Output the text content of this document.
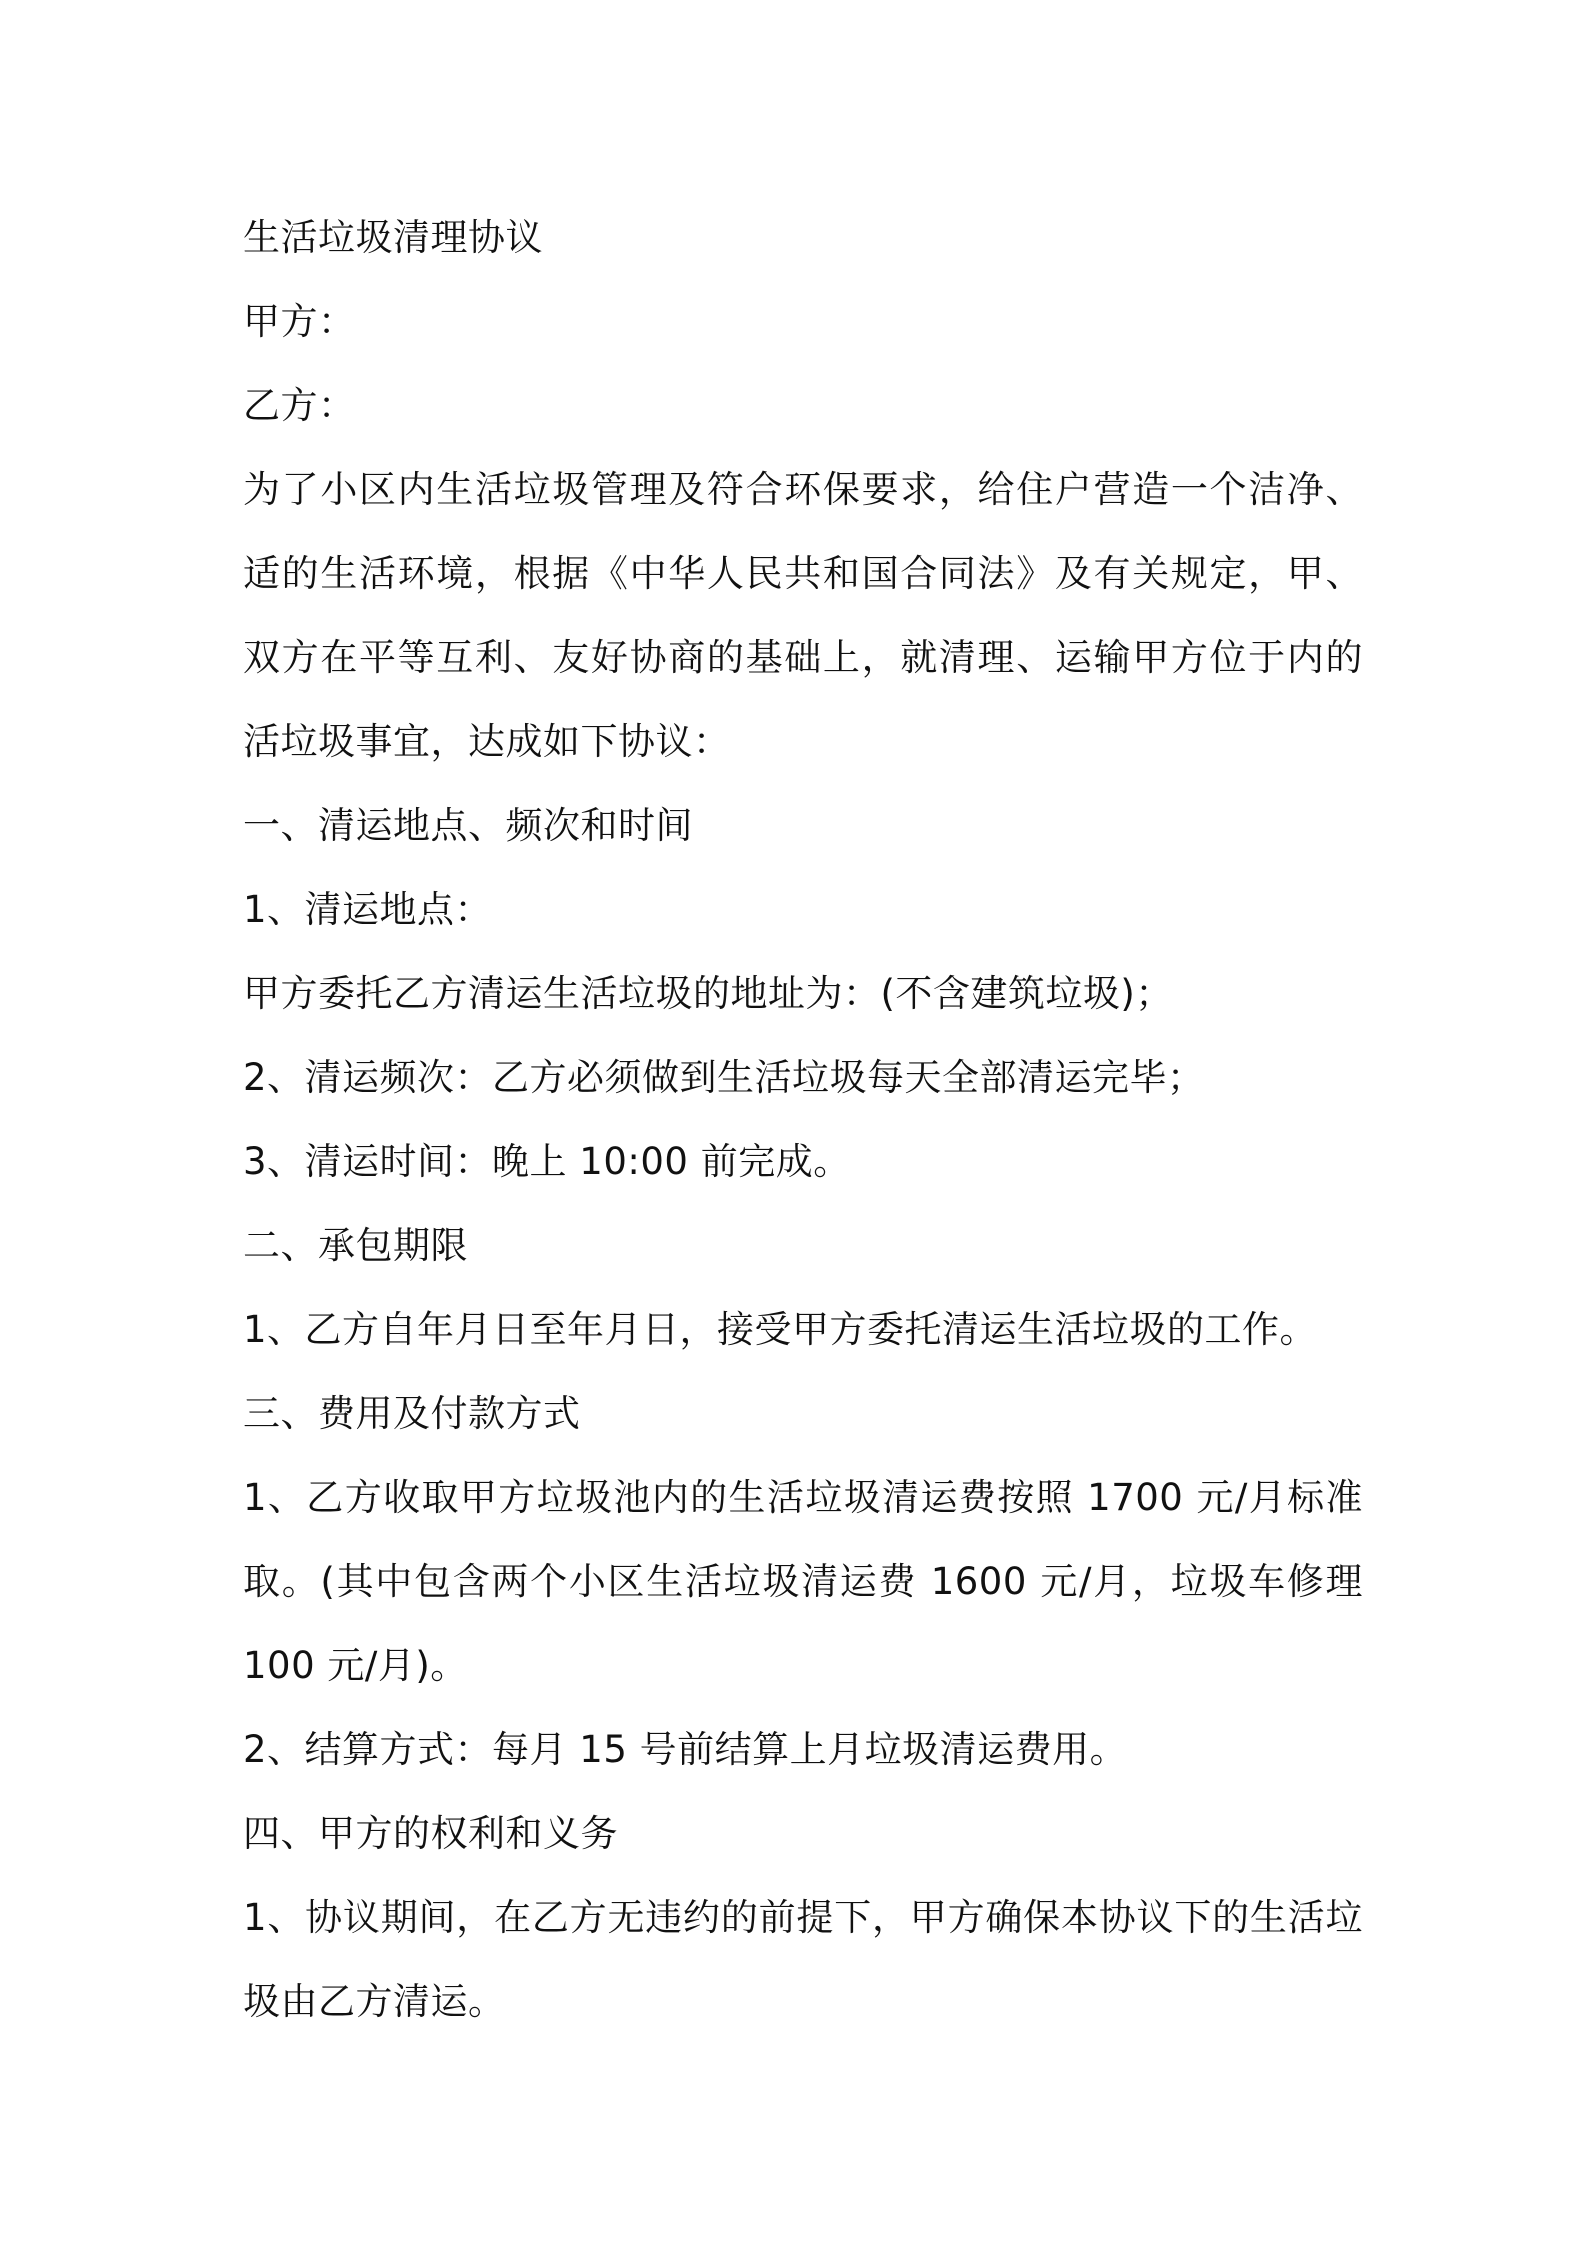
生活垃圾清理协议
甲方：
乙方：
为了小区内生活垃圾管理及符合环保要求，给住户营造一个洁净、
适的生活环境，根据《中华人民共和国合同法》及有关规定，甲、
双方在平等互利、友好协商的基础上，就清理、运输甲方位于内的
活垃圾事宜，达成如下协议：
一、清运地点、频次和时间
1、清运地点：
甲方委托乙方清运生活垃圾的地址为：(不含建筑垃圾)；
2、清运频次：乙方必须做到生活垃圾每天全部清运完毕；
3、清运时间：晚上 10:00 前完成。
二、承包期限
1、乙方自年月日至年月日，接受甲方委托清运生活垃圾的工作。
三、费用及付款方式
1、乙方收取甲方垃圾池内的生活垃圾清运费按照 1700 元/月标准
取。(其中包含两个小区生活垃圾清运费 1600 元/月，垃圾车修理
100 元/月)。
2、结算方式：每月 15 号前结算上月垃圾清运费用。
四、甲方的权利和义务
1、协议期间，在乙方无违约的前提下，甲方确保本协议下的生活垃
圾由乙方清运。
